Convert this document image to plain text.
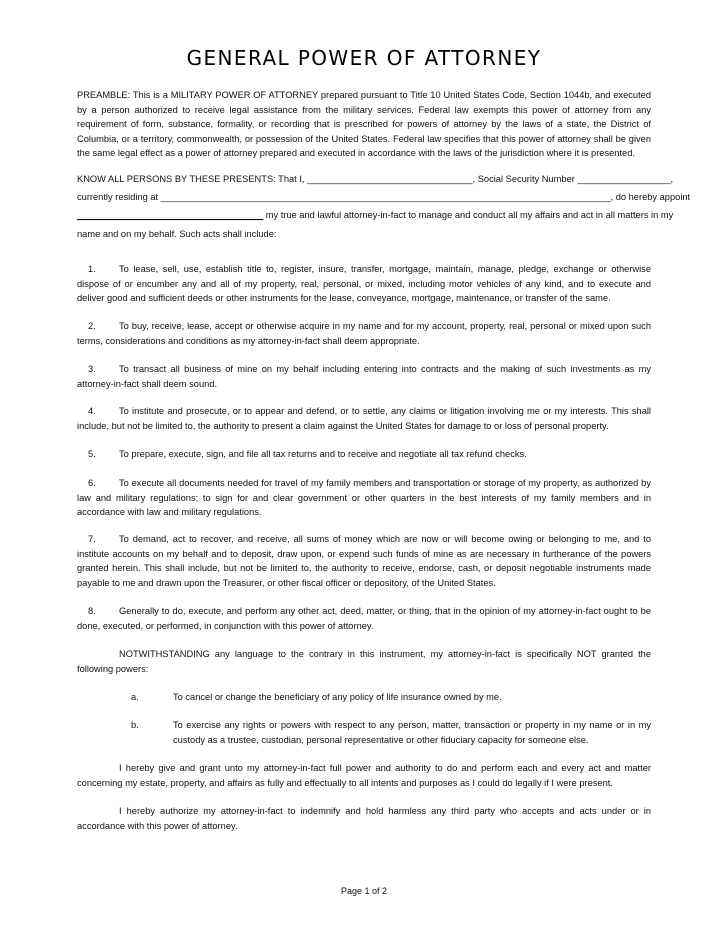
GENERAL POWER OF ATTORNEY

PREAMBLE: This is a MILITARY POWER OF ATTORNEY prepared pursuant to Title 10 United States Code, Section 1044b, and executed by a person authorized to receive legal assistance from the military services. Federal law exempts this power of attorney from any requirement of form, substance, formality, or recording that is prescribed for powers of attorney by the laws of a state, the District of Columbia, or a territory, commonwealth, or possession of the United States. Federal law specifies that this power of attorney shall be given the same legal effect as a power of attorney prepared and executed in accordance with the laws of the jurisdiction where it is presented.

KNOW ALL PERSONS BY THESE PRESENTS: That I, ________________________________, Social Security Number __________________,
currently residing at _______________________________________________________________________________________, do hereby appoint
____________________________________ my true and lawful attorney-in-fact to manage and conduct all my affairs and act in all matters in my
name and on my behalf. Such acts shall include:

1. To lease, sell, use, establish title to, register, insure, transfer, mortgage, maintain, manage, pledge, exchange or otherwise dispose of or encumber any and all of my property, real, personal, or mixed, including motor vehicles of any kind, and to execute and deliver good and sufficient deeds or other instruments for the lease, conveyance, mortgage, maintenance, or transfer of the same.

2. To buy, receive, lease, accept or otherwise acquire in my name and for my account, property, real, personal or mixed upon such terms, considerations and conditions as my attorney-in-fact shall deem appropriate.

3. To transact all business of mine on my behalf including entering into contracts and the making of such investments as my attorney-in-fact shall deem sound.

4. To institute and prosecute, or to appear and defend, or to settle, any claims or litigation involving me or my interests. This shall include, but not be limited to, the authority to present a claim against the United States for damage to or loss of personal property.

5. To prepare, execute, sign, and file all tax returns and to receive and negotiate all tax refund checks.

6. To execute all documents needed for travel of my family members and transportation or storage of my property, as authorized by law and military regulations; to sign for and clear government or other quarters in the best interests of my family members and in accordance with law and military regulations.

7. To demand, act to recover, and receive, all sums of money which are now or will become owing or belonging to me, and to institute accounts on my behalf and to deposit, draw upon, or expend such funds of mine as are necessary in furtherance of the powers granted herein. This shall include, but not be limited to, the authority to receive, endorse, cash, or deposit negotiable instruments made payable to me and drawn upon the Treasurer, or other fiscal officer or depository, of the United States.

8. Generally to do, execute, and perform any other act, deed, matter, or thing, that in the opinion of my attorney-in-fact ought to be done, executed, or performed, in conjunction with this power of attorney.

NOTWITHSTANDING any language to the contrary in this instrument, my attorney-in-fact is specifically NOT granted the following powers:

a.	To cancel or change the beneficiary of any policy of life insurance owned by me.
b.	To exercise any rights or powers with respect to any person, matter, transaction or property in my name or in my custody as a trustee, custodian, personal representative or other fiduciary capacity for someone else.

I hereby give and grant unto my attorney-in-fact full power and authority to do and perform each and every act and matter concerning my estate, property, and affairs as fully and effectually to all intents and purposes as I could do legally if I were present.

I hereby authorize my attorney-in-fact to indemnify and hold harmless any third party who accepts and acts under or in accordance with this power of attorney.

Page 1 of 2
